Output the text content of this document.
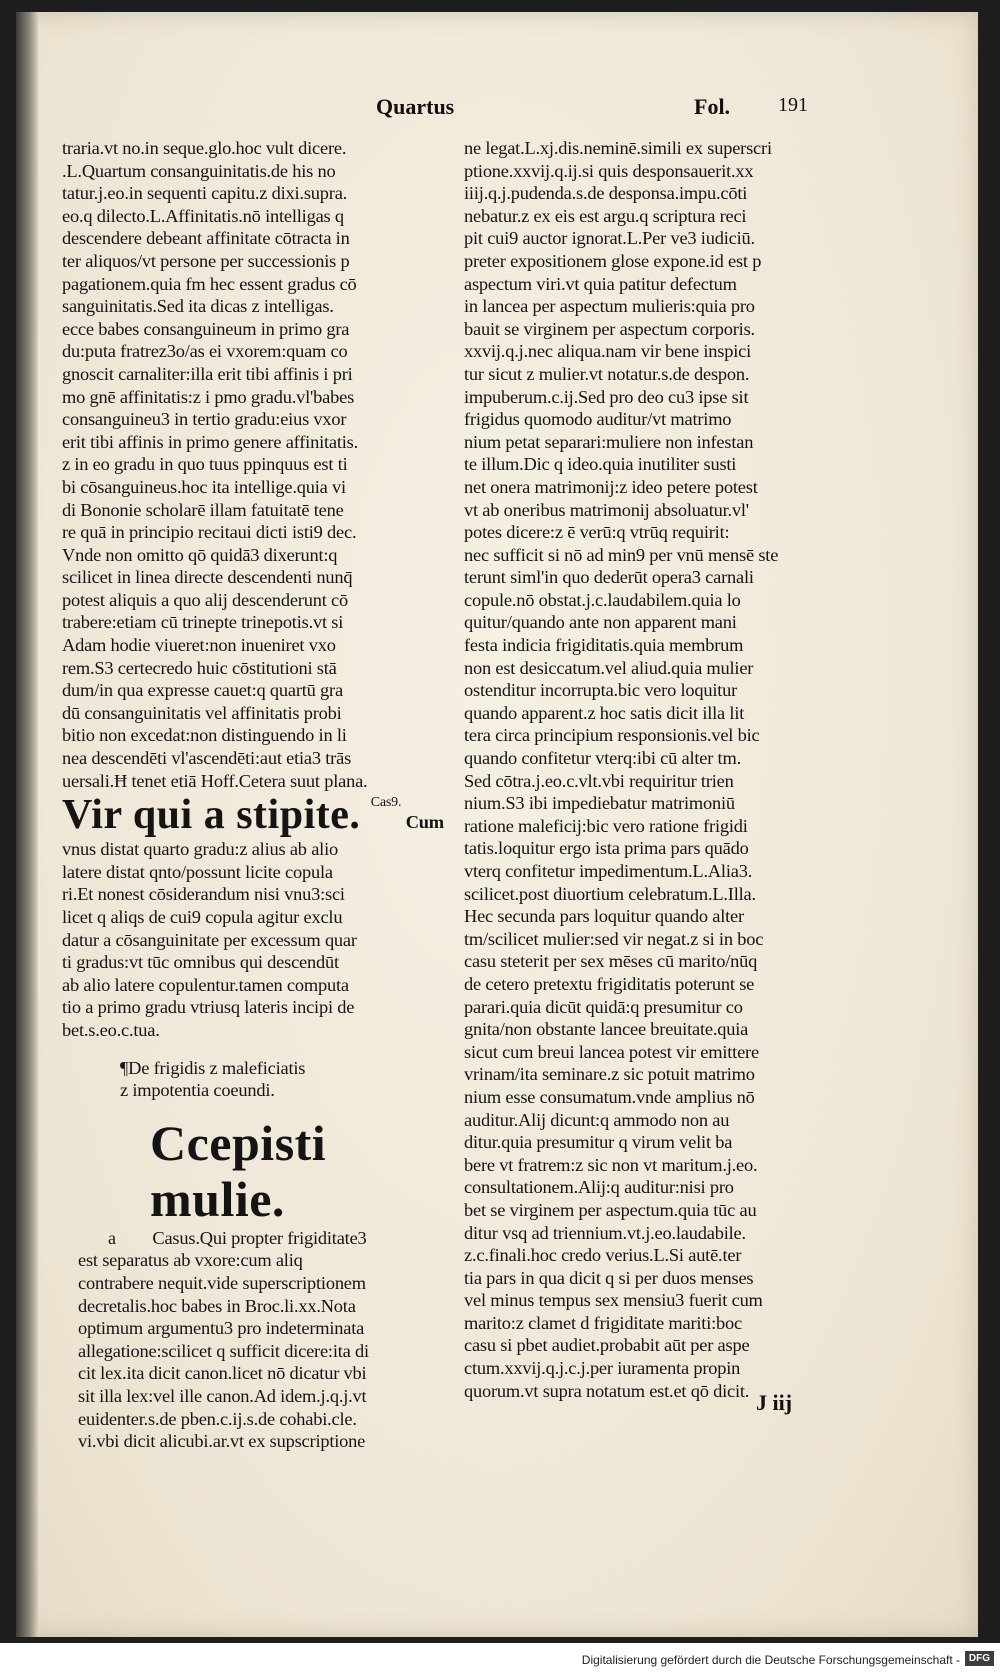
Quartus	Fol. 191
traria.vt no.in seque.glo.hoc vult dicere.
.L.Quartum consanguinitatis.de his no
tatur.j.eo.in sequenti capitu.z dixi.supra.
eo.q dilecto.L.Affinitatis.nō intelligas q
descendere debeant affinitate cōtracta in
ter aliquos/vt persone per successionis p
pagationem.quia fm hec essent gradus cō
sanguinitatis.Sed ita dicas z intelligas.
ecce babes consanguineum in primo gra
du:puta fratrez3o/as ei vxorem:quam co
gnoscit carnaliter:illa erit tibi affinis i pri
mo gnē affinitatis:z i pmo gradu.vl'babes
consanguineu3 in tertio gradu:eius vxor
erit tibi affinis in primo genere affinitatis.
z in eo gradu in quo tuus ppinquus est ti
bi cōsanguineus.hoc ita intellige.quia vi
di Bononie scholarē illam fatuitatē tene
re quā in principio recitaui dicti isti9 dec.
Vnde non omitto qō quidā3 dixerunt:q
scilicet in linea directe descendenti nunq̄
potest aliquis a quo alij descenderunt cō
trabere:etiam cū trinepte trinepotis.vt si
Adam hodie viueret:non inueniret vxo
rem.S3 certecredo huic cōstitutioni stā
dum/in qua expresse cauet:q quartū gra
dū consanguinitatis vel affinitatis probi
bitio non excedat:non distinguendo in li
nea descendēti vl'ascendēti:aut etia3 trās
uersali.Ħ tenet etiā Hoff.Cetera suut plana.
Vir qui a stipite. $^{Cas9.}$ Cum
vnus distat quarto gradu:z alius ab alio
latere distat qnto/possunt licite copula
ri.Et nonest cōsiderandum nisi vnu3:sci
licet q aliqs de cui9 copula agitur exclu
datur a cōsanguinitate per excessum quar
ti gradus:vt tūc omnibus qui descendūt
ab alio latere copulentur.tamen computa
tio a primo gradu vtriusq lateris incipi de
bet.s.eo.c.tua.
¶De frigidis z maleficiatis
z impotentia coeundi.
Ccepisti mulie.
a Casus.Qui propter frigiditate3
est separatus ab vxore:cum aliq
contrabere nequit.vide superscriptionem
decretalis.hoc babes in Broc.li.xx.Nota
optimum argumentu3 pro indeterminata
allegatione:scilicet q sufficit dicere:ita di
cit lex.ita dicit canon.licet nō dicatur vbi
sit illa lex:vel ille canon.Ad idem.j.q.j.vt
euidenter.s.de pben.c.ij.s.de cohabi.cle.
vi.vbi dicit alicubi.ar.vt ex supscriptione
ne legat.L.xj.dis.neminē.simili ex superscri
ptione.xxvij.q.ij.si quis desponsauerit.xx
iiij.q.j.pudenda.s.de desponsa.impu.cōti
nebatur.z ex eis est argu.q scriptura reci
pit cui9 auctor ignorat.L.Per ve3 iudiciū.
preter expositionem glose expone.id est p
aspectum viri.vt quia patitur defectum
in lancea per aspectum mulieris:quia pro
bauit se virginem per aspectum corporis.
xxvij.q.j.nec aliqua.nam vir bene inspici
tur sicut z mulier.vt notatur.s.de despon.
impuberum.c.ij.Sed pro deo cu3 ipse sit
frigidus quomodo auditur/vt matrimo
nium petat separari:muliere non infestan
te illum.Dic q ideo.quia inutiliter susti
net onera matrimonij:z ideo petere potest
vt ab oneribus matrimonij absoluatur.vl'
potes dicere:z ē verū:q vtrūq requirit:
nec sufficit si nō ad min9 per vnū mensē ste
terunt siml'in quo dederūt opera3 carnali
copule.nō obstat.j.c.laudabilem.quia lo
quitur/quando ante non apparent mani
festa indicia frigiditatis.quia membrum
non est desiccatum.vel aliud.quia mulier
ostenditur incorrupta.bic vero loquitur
quando apparent.z hoc satis dicit illa lit
tera circa principium responsionis.vel bic
quando confitetur vterq:ibi cū alter tm.
Sed cōtra.j.eo.c.vlt.vbi requiritur trien
nium.S3 ibi impediebatur matrimoniū
ratione maleficij:bic vero ratione frigidi
tatis.loquitur ergo ista prima pars quādo
vterq confitetur impedimentum.L.Alia3.
scilicet.post diuortium celebratum.L.Illa.
Hec secunda pars loquitur quando alter
tm/scilicet mulier:sed vir negat.z si in boc
casu steterit per sex mēses cū marito/nūq
de cetero pretextu frigiditatis poterunt se
parari.quia dicūt quidā:q presumitur co
gnita/non obstante lancee breuitate.quia
sicut cum breui lancea potest vir emittere
vrinam/ita seminare.z sic potuit matrimo
nium esse consumatum.vnde amplius nō
auditur.Alij dicunt:q ammodo non au
ditur.quia presumitur q virum velit ba
bere vt fratrem:z sic non vt maritum.j.eo.
consultationem.Alij:q auditur:nisi pro
bet se virginem per aspectum.quia tūc au
ditur vsq ad triennium.vt.j.eo.laudabile.
z.c.finali.hoc credo verius.L.Si autē.ter
tia pars in qua dicit q si per duos menses
vel minus tempus sex mensiu3 fuerit cum
marito:z clamet d frigiditate mariti:boc
casu si pbet audiet.probabit aūt per aspe
ctum.xxvij.q.j.c.j.per iuramenta propin
quorum.vt supra notatum est.et qō dicit. J iij
Digitalisierung gefördert durch die Deutsche Forschungsgemeinschaft - DFG
